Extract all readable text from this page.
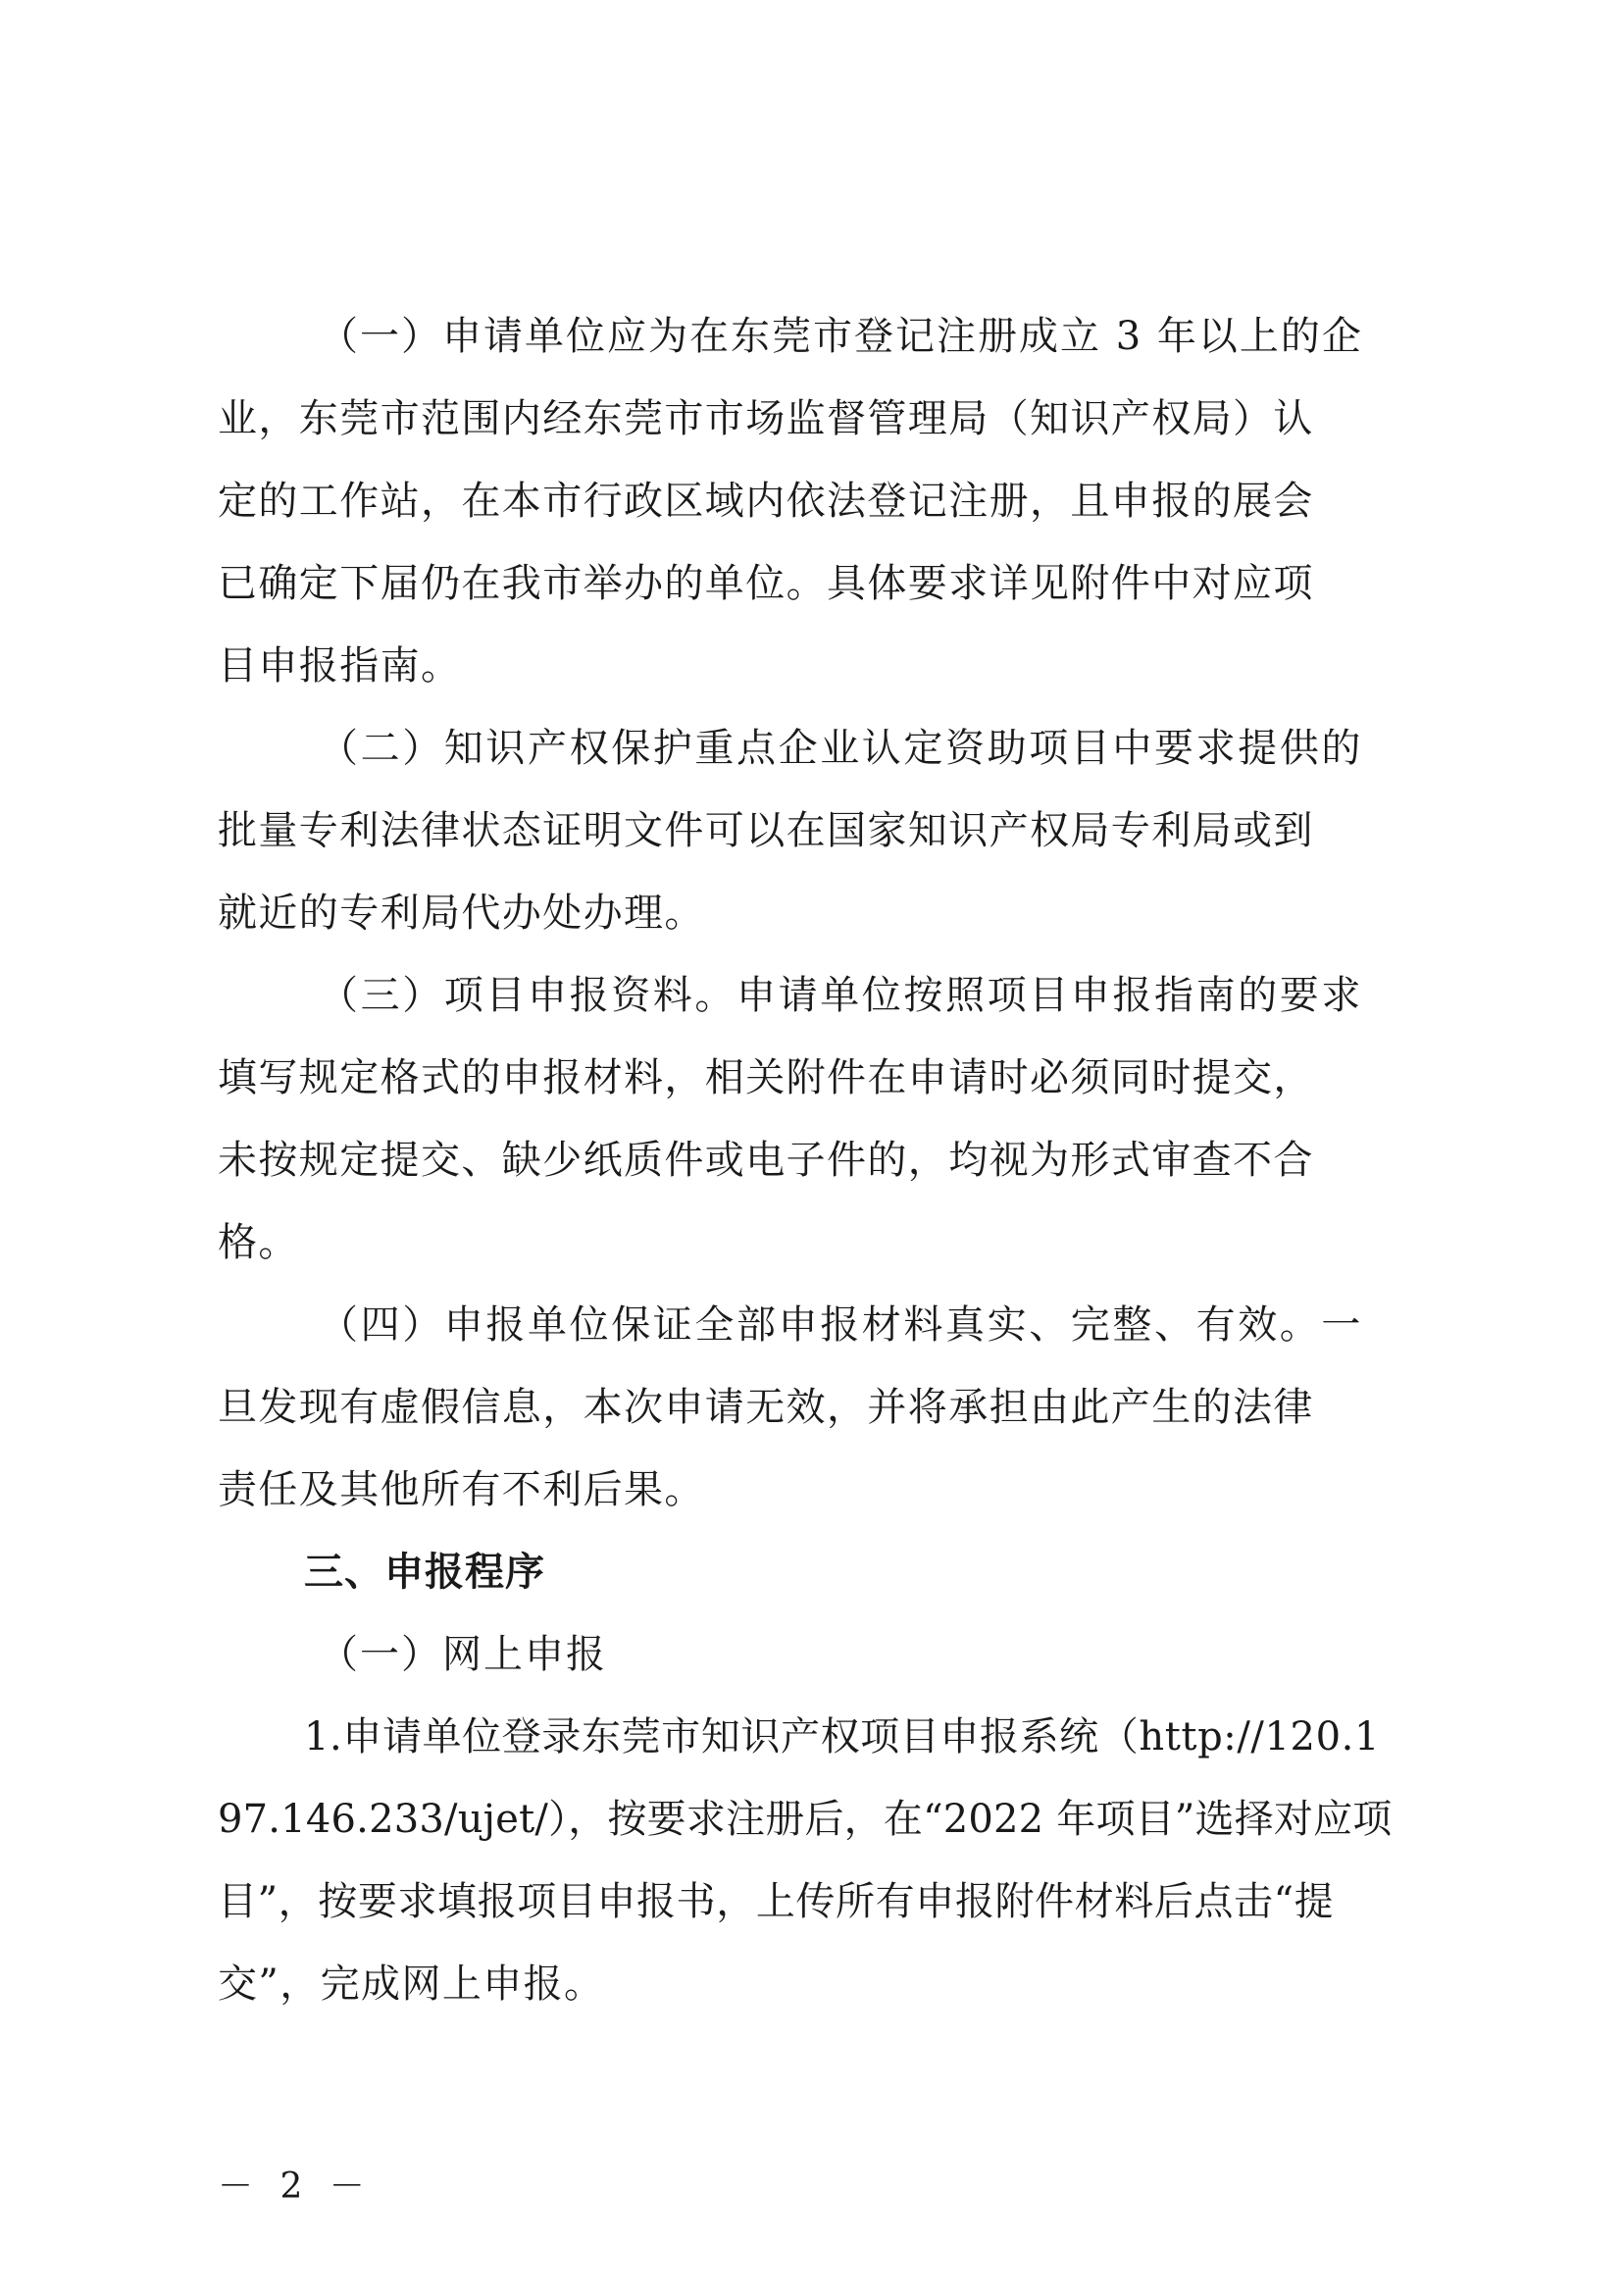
（一）申请单位应为在东莞市登记注册成立 3 年以上的企
业，东莞市范围内经东莞市市场监督管理局（知识产权局）认
定的工作站，在本市行政区域内依法登记注册，且申报的展会
已确定下届仍在我市举办的单位。具体要求详见附件中对应项
目申报指南。
（二）知识产权保护重点企业认定资助项目中要求提供的
批量专利法律状态证明文件可以在国家知识产权局专利局或到
就近的专利局代办处办理。
（三）项目申报资料。申请单位按照项目申报指南的要求
填写规定格式的申报材料，相关附件在申请时必须同时提交，
未按规定提交、缺少纸质件或电子件的，均视为形式审查不合
格。
（四）申报单位保证全部申报材料真实、完整、有效。一
旦发现有虚假信息，本次申请无效，并将承担由此产生的法律
责任及其他所有不利后果。
三、申报程序
（一）网上申报
1.申请单位登录东莞市知识产权项目申报系统（http://120.1
97.146.233/ujet/），按要求注册后，在“2022 年项目”选择对应项
目”，按要求填报项目申报书，上传所有申报附件材料后点击“提
交”，完成网上申报。
－ 2 －
